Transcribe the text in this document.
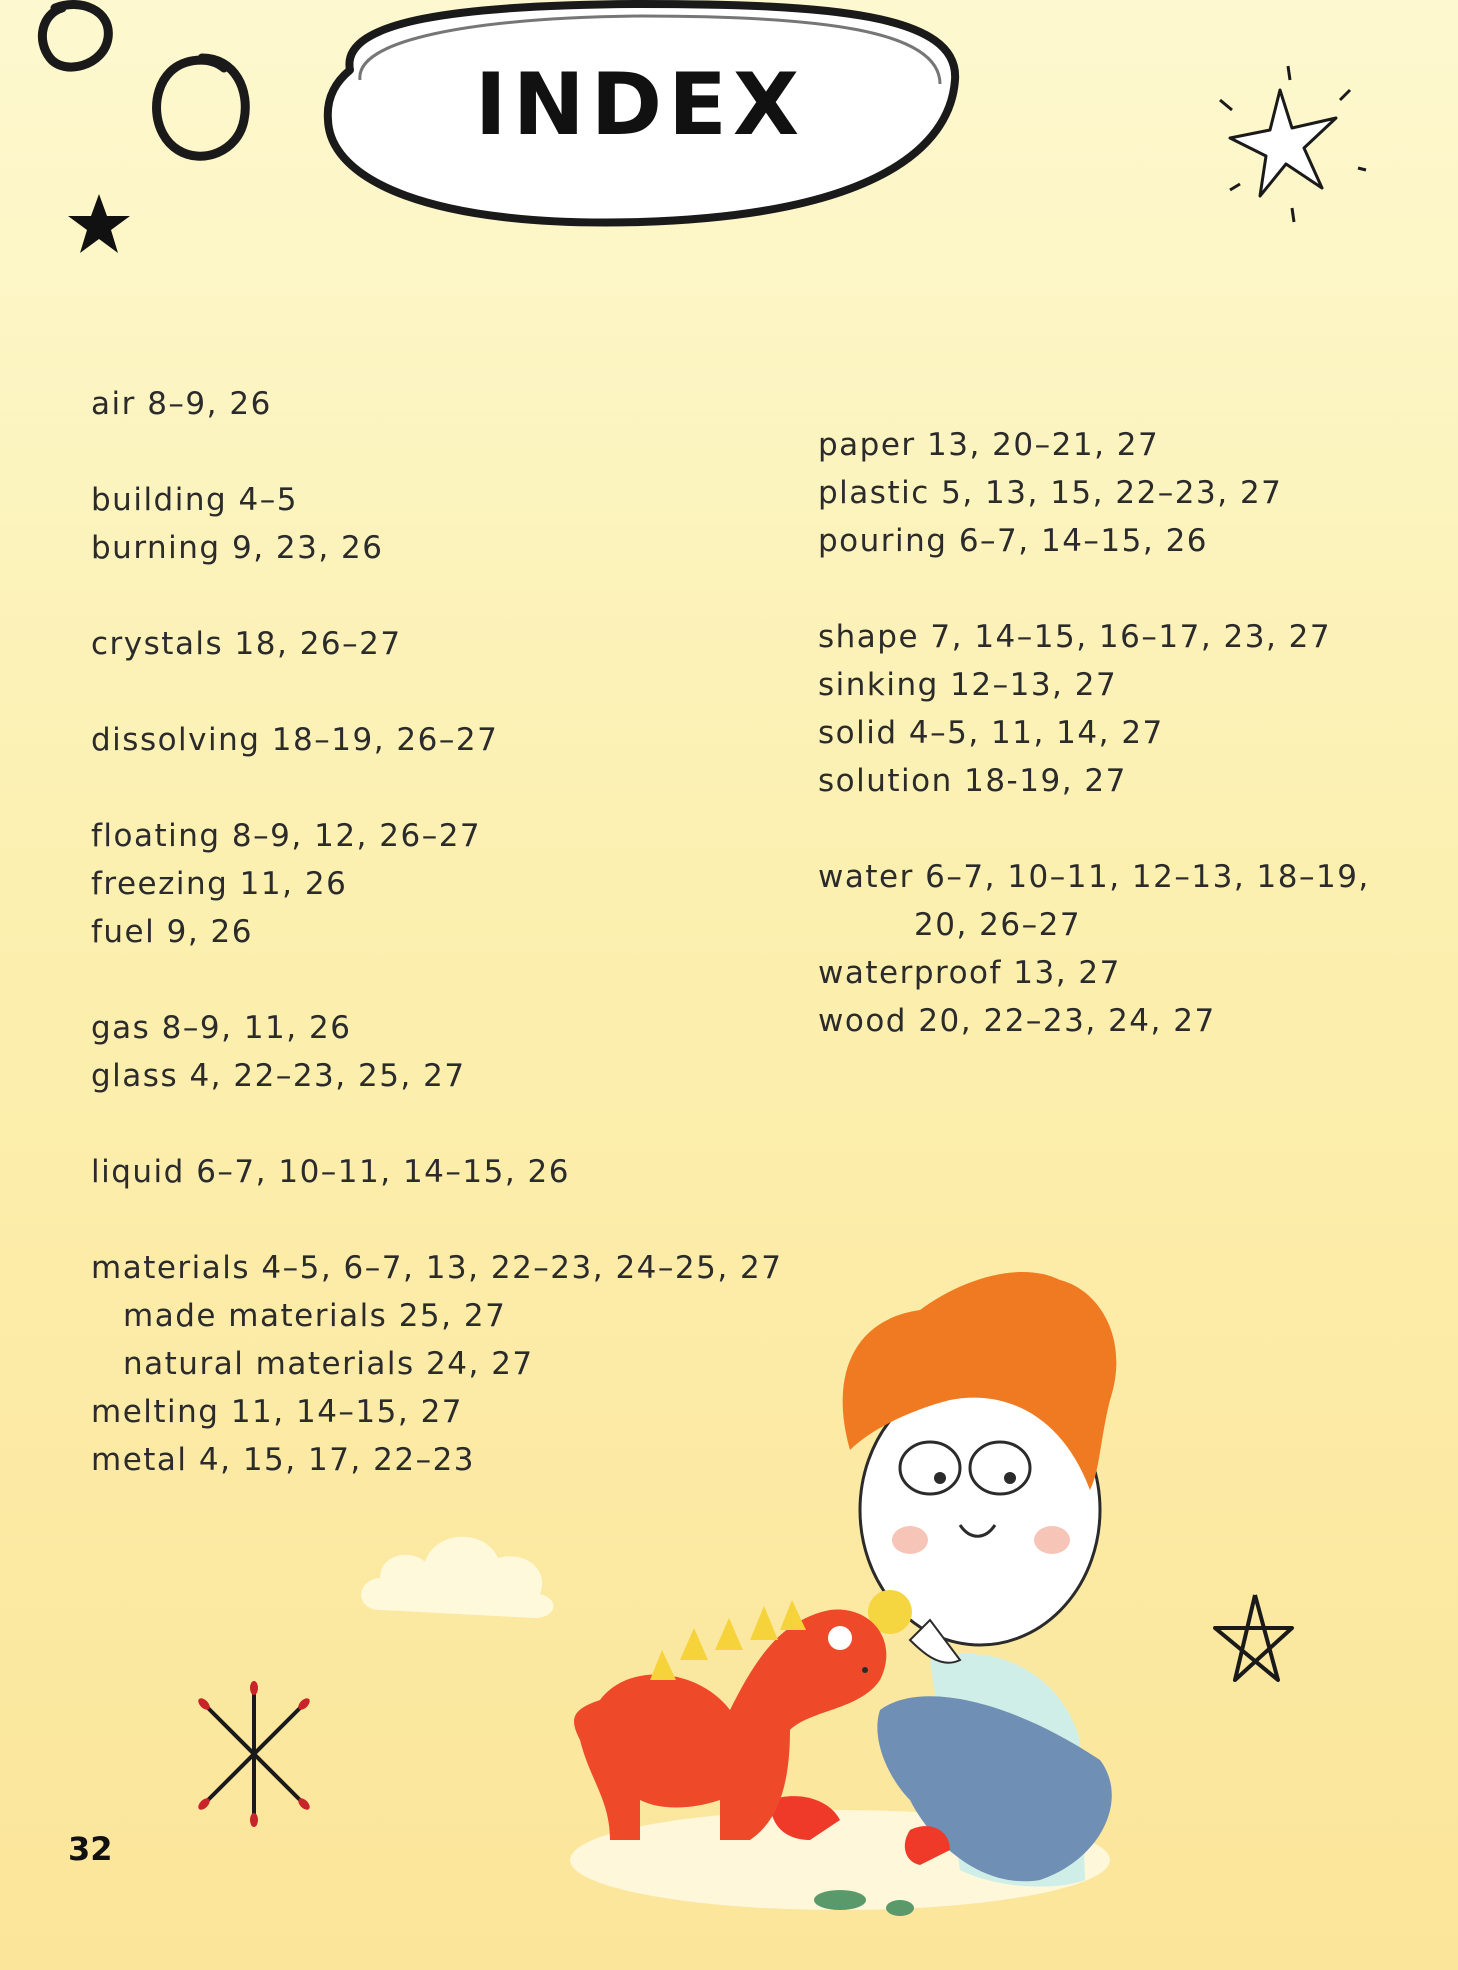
INDEX
air 8–9, 26
building 4–5
burning 9, 23, 26
crystals 18, 26–27
dissolving 18–19, 26–27
floating 8–9, 12, 26–27
freezing 11, 26
fuel 9, 26
gas 8–9, 11, 26
glass 4, 22–23, 25, 27
liquid 6–7, 10–11, 14–15, 26
materials 4–5, 6–7, 13, 22–23, 24–25, 27
made materials 25, 27
natural materials 24, 27
melting 11, 14–15, 27
metal 4, 15, 17, 22–23
paper 13, 20–21, 27
plastic 5, 13, 15, 22–23, 27
pouring 6–7, 14–15, 26
shape 7, 14–15, 16–17, 23, 27
sinking 12–13, 27
solid 4–5, 11, 14, 27
solution 18-19, 27
water 6–7, 10–11, 12–13, 18–19,
20, 26–27
waterproof 13, 27
wood 20, 22–23, 24, 27
32
